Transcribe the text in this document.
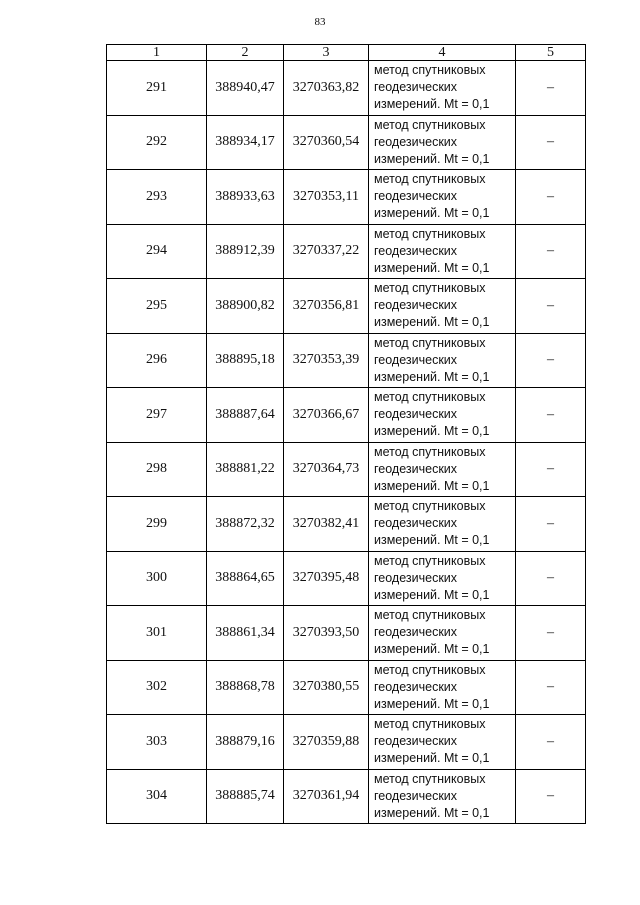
83
1	2	3	4	5
291	388940,47	3270363,82	метод спутниковых
геодезических
измерений. Mt = 0,1	–
292	388934,17	3270360,54	метод спутниковых
геодезических
измерений. Mt = 0,1	–
293	388933,63	3270353,11	метод спутниковых
геодезических
измерений. Mt = 0,1	–
294	388912,39	3270337,22	метод спутниковых
геодезических
измерений. Mt = 0,1	–
295	388900,82	3270356,81	метод спутниковых
геодезических
измерений. Mt = 0,1	–
296	388895,18	3270353,39	метод спутниковых
геодезических
измерений. Mt = 0,1	–
297	388887,64	3270366,67	метод спутниковых
геодезических
измерений. Mt = 0,1	–
298	388881,22	3270364,73	метод спутниковых
геодезических
измерений. Mt = 0,1	–
299	388872,32	3270382,41	метод спутниковых
геодезических
измерений. Mt = 0,1	–
300	388864,65	3270395,48	метод спутниковых
геодезических
измерений. Mt = 0,1	–
301	388861,34	3270393,50	метод спутниковых
геодезических
измерений. Mt = 0,1	–
302	388868,78	3270380,55	метод спутниковых
геодезических
измерений. Mt = 0,1	–
303	388879,16	3270359,88	метод спутниковых
геодезических
измерений. Mt = 0,1	–
304	388885,74	3270361,94	метод спутниковых
геодезических
измерений. Mt = 0,1	–
